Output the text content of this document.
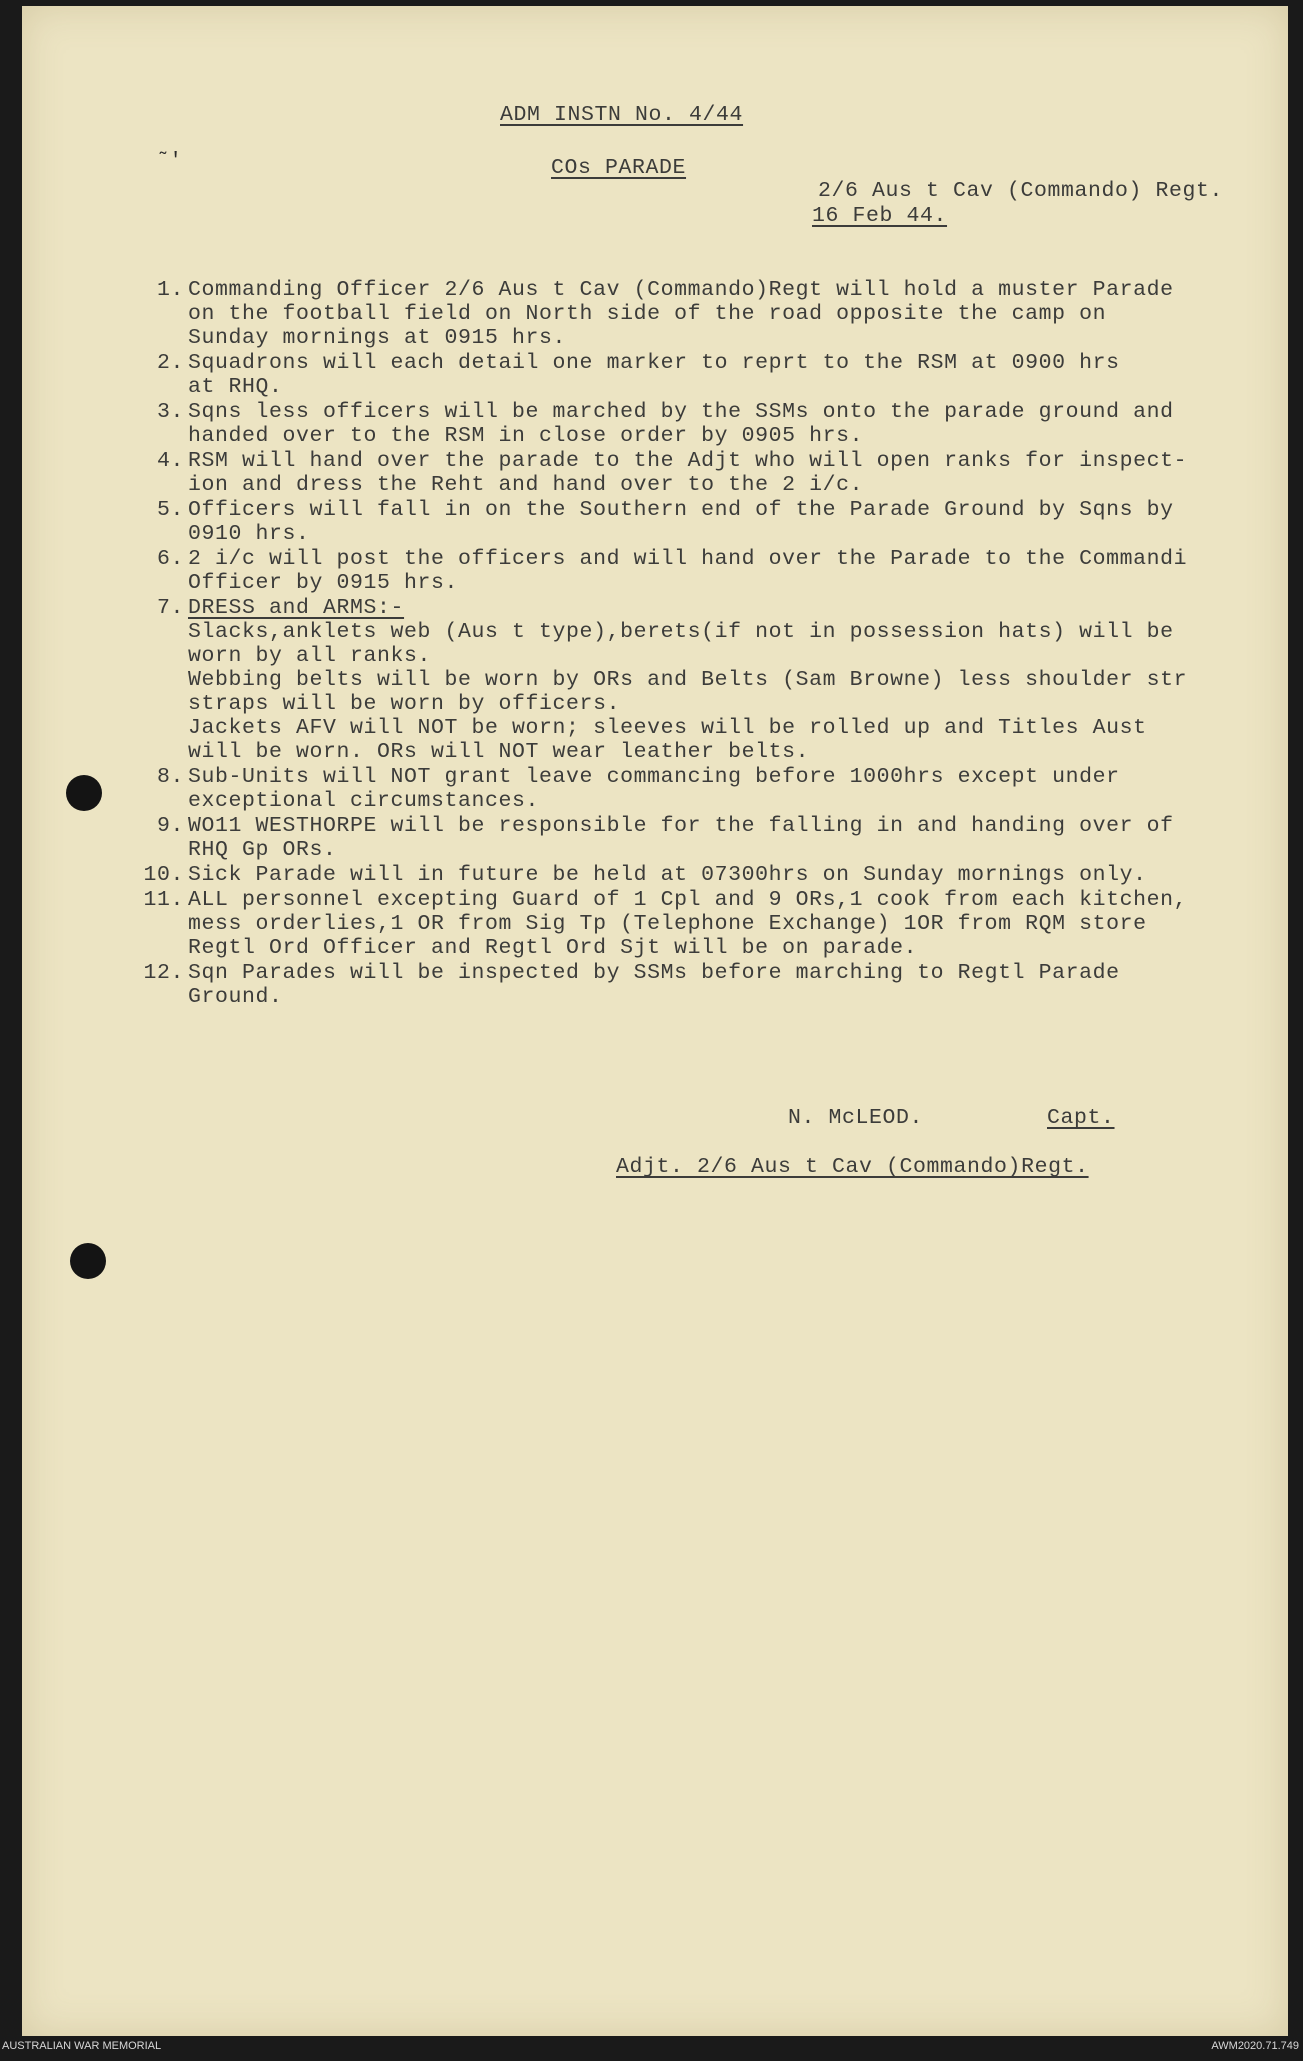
˜'
ADM INSTN No. 4/44
COs PARADE
2/6 Aus t Cav (Commando) Regt.
16 Feb 44.
1. Commanding Officer 2/6 Aus t Cav (Commando)Regt will hold a muster Parade
on the football field on North side of the road opposite the camp on
Sunday mornings at 0915 hrs.
2. Squadrons will each detail one marker to reprt to the RSM at 0900 hrs
at RHQ.
3. Sqns less officers will be marched by the SSMs onto the parade ground and
handed over to the RSM in close order by 0905 hrs.
4. RSM will hand over the parade to the Adjt who will open ranks for inspect-
ion and dress the Reht and hand over to the 2 i/c.
5. Officers will fall in on the Southern end of the Parade Ground by Sqns by
0910 hrs.
6. 2 i/c will post the officers and will hand over the Parade to the Commandi
Officer by 0915 hrs.
7. DRESS and ARMS:-
Slacks,anklets web (Aus t type),berets(if not in possession hats) will be
worn by all ranks.
Webbing belts will be worn by ORs and Belts (Sam Browne) less shoulder str
straps will be worn by officers.
Jackets AFV will NOT be worn; sleeves will be rolled up and Titles Aust
will be worn. ORs will NOT wear leather belts.
8. Sub-Units will NOT grant leave commancing before 1000hrs except under
exceptional circumstances.
9. WO11 WESTHORPE will be responsible for the falling in and handing over of
RHQ Gp ORs.
10. Sick Parade will in future be held at 07300hrs on Sunday mornings only.
11. ALL personnel excepting Guard of 1 Cpl and 9 ORs,1 cook from each kitchen,
mess orderlies,1 OR from Sig Tp (Telephone Exchange) 1OR from RQM store
Regtl Ord Officer and Regtl Ord Sjt will be on parade.
12. Sqn Parades will be inspected by SSMs before marching to Regtl Parade
Ground.
N. McLEOD.	Capt.
Adjt. 2/6 Aus t Cav (Commando)Regt.
AUSTRALIAN WAR MEMORIAL	AWM2020.71.749
